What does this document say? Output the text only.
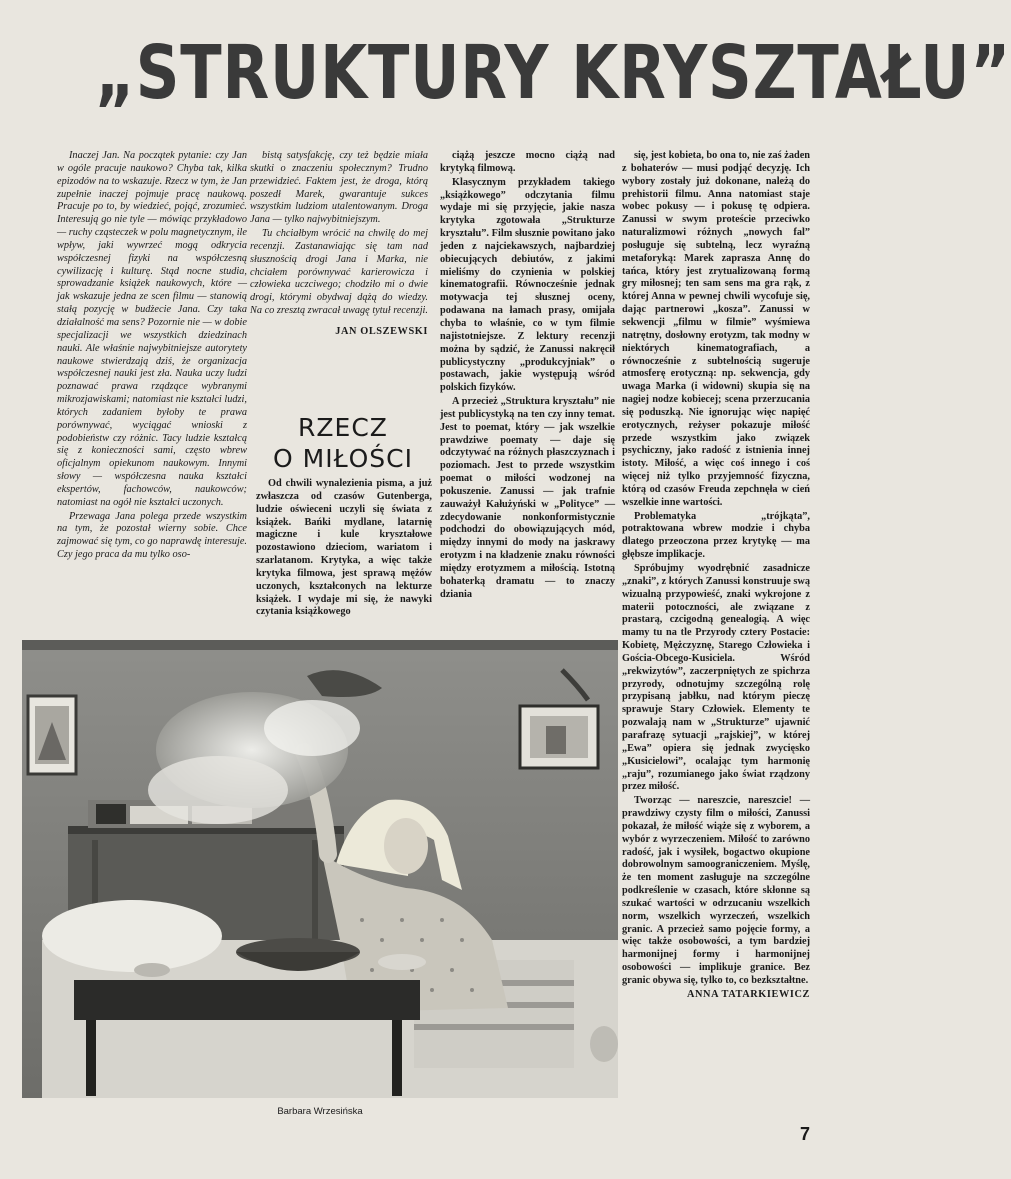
„STRUKTURY KRYSZTAŁU”

Inaczej Jan. Na początek pytanie: czy Jan w ogóle pracuje naukowo? Chyba tak, kilka epizodów na to wskazuje. Rzecz w tym, że Jan zupełnie inaczej pojmuje pracę naukową. Pracuje po to, by wiedzieć, pojąć, zrozumieć. Interesują go nie tyle — mówiąc przykładowo — ruchy cząsteczek w polu magnetycznym, ile wpływ, jaki wywrzeć mogą odkrycia współczesnej fizyki na współczesną cywilizację i kulturę. Stąd nocne studia, sprowadzanie książek naukowych, które — jak wskazuje jedna ze scen filmu — stanowią stałą pozycję w budżecie Jana. Czy taka działalność ma sens? Pozornie nie — w dobie specjalizacji we wszystkich dziedzinach nauki. Ale właśnie najwybitniejsze autorytety naukowe stwierdzają dziś, że organizacja współczesnej nauki jest zła. Nauka uczy ludzi poznawać prawa rządzące wybranymi mikrozjawiskami; natomiast nie kształci ludzi, których zadaniem byłoby te prawa porównywać, wyciągać wnioski z podobieństw czy różnic. Tacy ludzie kształcą się z konieczności sami, często wbrew oficjalnym opiekunom naukowym. Innymi słowy — współczesna nauka kształci ekspertów, fachowców, naukowców; natomiast na ogół nie kształci uczonych.

Przewaga Jana polega przede wszystkim na tym, że pozostał wierny sobie. Chce zajmować się tym, co go naprawdę interesuje. Czy jego praca da mu tylko oso-

bistą satysfakcję, czy też będzie miała skutki o znaczeniu społecznym? Trudno przewidzieć. Faktem jest, że droga, którą poszedł Marek, gwarantuje sukces wszystkim ludziom utalentowanym. Droga Jana — tylko najwybitniejszym.

Tu chciałbym wrócić na chwilę do mej recenzji. Zastanawiając się tam nad słusznością drogi Jana i Marka, nie chciałem porównywać karierowicza i człowieka uczciwego; chodziło mi o dwie drogi, którymi obydwaj dążą do wiedzy. Na co zresztą zwracał uwagę tytuł recenzji.

JAN OLSZEWSKI

RZECZ
O MIŁOŚCI

Od chwili wynalezienia pisma, a już zwłaszcza od czasów Gutenberga, ludzie oświeceni uczyli się świata z książek. Bańki mydlane, latarnię magiczne i kule kryształowe pozostawiono dzieciom, wariatom i szarlatanom. Krytyka, a więc także krytyka filmowa, jest sprawą mężów uczonych, kształconych na lekturze książek. I wydaje mi się, że nawyki czytania książkowego

ciążą jeszcze mocno ciążą nad krytyką filmową.

Klasycznym przykładem takiego „książkowego” odczytania filmu wydaje mi się przyjęcie, jakie nasza krytyka zgotowała „Strukturze kryształu”. Film słusznie powitano jako jeden z najciekawszych, najbardziej obiecujących debiutów, z jakimi mieliśmy do czynienia w polskiej kinematografii. Równocześnie jednak motywacja tej słusznej oceny, podawana na łamach prasy, omijała chyba to właśnie, co w tym filmie najistotniejsze. Z lektury recenzji można by sądzić, że Zanussi nakręcił publicystyczny „produkcyjniak” o postawach, jakie występują wśród polskich fizyków.

A przecież „Struktura kryształu” nie jest publicystyką na ten czy inny temat. Jest to poemat, który — jak wszelkie prawdziwe poematy — daje się odczytywać na różnych płaszczyznach i poziomach. Jest to przede wszystkim poemat o miłości wodzonej na pokuszenie. Zanussi — jak trafnie zauważył Kałużyński w „Polityce” — zdecydowanie nonkonformistycznie podchodzi do obowiązujących mód, między innymi do mody na jaskrawy erotyzm i na kładzenie znaku równości między erotyzmem a miłością. Istotną bohaterką dramatu — to znaczy dziania

się, jest kobieta, bo ona to, nie zaś żaden z bohaterów — musi podjąć decyzję. Ich wybory zostały już dokonane, należą do prehistorii filmu. Anna natomiast staje wobec pokusy — i pokusę tę odpiera. Zanussi w swym proteście przeciwko naturalizmowi różnych „nowych fal” posługuje się subtelną, lecz wyraźną metaforyką: Marek zaprasza Annę do tańca, który jest zrytualizowaną formą gry miłosnej; ten sam sens ma gra rąk, z której Anna w pewnej chwili wycofuje się, dając partnerowi „kosza”. Zanussi w sekwencji „filmu w filmie” wyśmiewa natrętny, dosłowny erotyzm, tak modny w niektórych kinematografiach, a równocześnie z subtelnością sugeruje atmosferę erotyczną: np. sekwencja, gdy uwaga Marka (i widowni) skupia się na nagiej nodze kobiecej; scena przerzucania się poduszką. Nie ignorując więc napięć erotycznych, reżyser pokazuje miłość przede wszystkim jako związek psychiczny, jako radość z istnienia innej istoty. Miłość, a więc coś innego i coś więcej niż tylko przyjemność fizyczna, którą od czasów Freuda zepchnęła w cień wszelkie inne wartości.

Problematyka „trójkąta”, potraktowana wbrew modzie i chyba dlatego przeoczona przez krytykę — ma głębsze implikacje.

Spróbujmy wyodrębnić zasadnicze „znaki”, z których Zanussi konstruuje swą wizualną przypowieść, znaki wykrojone z materii potoczności, ale związane z prastarą, czcigodną genealogią. A więc mamy tu na tle Przyrody cztery Postacie: Kobietę, Mężczyznę, Starego Człowieka i Gościa-Obcego-Kusiciela. Wśród „rekwizytów”, zaczerpniętych ze spichrza przyrody, odnotujmy szczególną rolę przypisaną jabłku, nad którym pieczę sprawuje Stary Człowiek. Elementy te pozwalają nam w „Strukturze” ujawnić parafrazę sytuacji „rajskiej”, w której „Ewa” opiera się jednak zwycięsko „Kusicielowi”, ocalając tym harmonię „raju”, rozumianego jako świat rządzony przez miłość.

Tworząc — nareszcie, nareszcie! — prawdziwy czysty film o miłości, Zanussi pokazał, że miłość wiąże się z wyborem, a wybór z wyrzeczeniem. Miłość to zarówno radość, jak i wysiłek, bogactwo okupione dobrowolnym samoograniczeniem. Myślę, że ten moment zasługuje na szczególne podkreślenie w czasach, które skłonne są szukać wartości w odrzucaniu wszelkich norm, wszelkich wyrzeczeń, wszelkich granic. A przecież samo pojęcie formy, a więc także osobowości, a tym bardziej harmonijnej formy i harmonijnej osobowości — implikuje granice. Bez granic obywa się, tylko to, co bezkształtne.

ANNA TATARKIEWICZ

Barbara Wrzesińska
7
